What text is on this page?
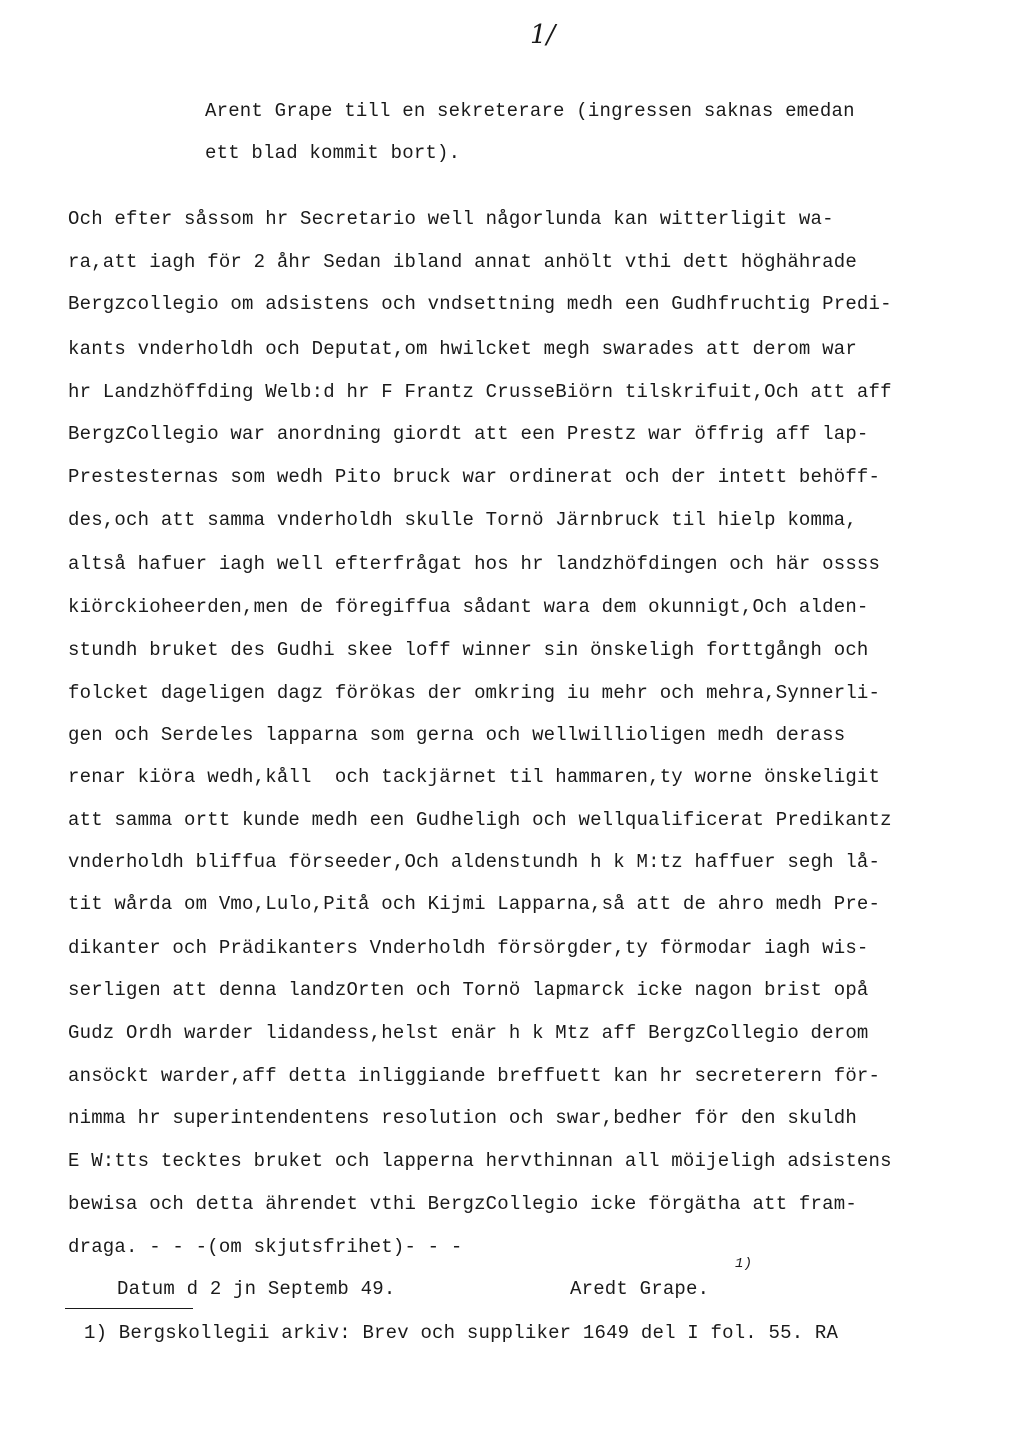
1/
Arent Grape till en sekreterare (ingressen saknas emedan
ett blad kommit bort).
Och efter såssom hr Secretario well någorlunda kan witterligit wa-
ra,att iagh för 2 åhr Sedan ibland annat anhölt vthi dett höghährade
Bergzcollegio om adsistens och vndsettning medh een Gudhfruchtig Predi-
kants vnderholdh och Deputat,om hwilcket megh swarades att derom war
hr Landzhöffding Welb:d hr F Frantz CrusseBiörn tilskrifuit,Och att aff
BergzCollegio war anordning giordt att een Prestz war öffrig aff lap-
Prestesternas som wedh Pito bruck war ordinerat och der intett behöff-
des,och att samma vnderholdh skulle Tornö Järnbruck til hielp komma,
altså hafuer iagh well efterfrågat hos hr landzhöfdingen och här ossss
kiörckioheerden,men de föregiffua sådant wara dem okunnigt,Och alden-
stundh bruket des Gudhi skee loff winner sin önskeligh forttgångh och
folcket dageligen dagz förökas der omkring iu mehr och mehra,Synnerli-
gen och Serdeles lapparna som gerna och wellwillioligen medh derass
renar kiöra wedh,kåll  och tackjärnet til hammaren,ty worne önskeligit
att samma ortt kunde medh een Gudheligh och wellqualificerat Predikantz
vnderholdh bliffua förseeder,Och aldenstundh h k M:tz haffuer segh lå-
tit wårda om Vmo,Lulo,Pitå och Kijmi Lapparna,så att de ahro medh Pre-
dikanter och Prädikanters Vnderholdh försörgder,ty förmodar iagh wis-
serligen att denna landzOrten och Tornö lapmarck icke nagon brist opå
Gudz Ordh warder lidandess,helst enär h k Mtz aff BergzCollegio derom
ansöckt warder,aff detta inliggiande breffuett kan hr secreterern för-
nimma hr superintendentens resolution och swar,bedher för den skuldh
E W:tts tecktes bruket och lapperna hervthinnan all möijeligh adsistens
bewisa och detta ährendet vthi BergzCollegio icke förgätha att fram-
draga. - - -(om skjutsfrihet)- - -
Datum d 2 jn Septemb 49.	Aredt Grape.
1)
1) Bergskollegii arkiv: Brev och suppliker 1649 del I fol. 55. RA
